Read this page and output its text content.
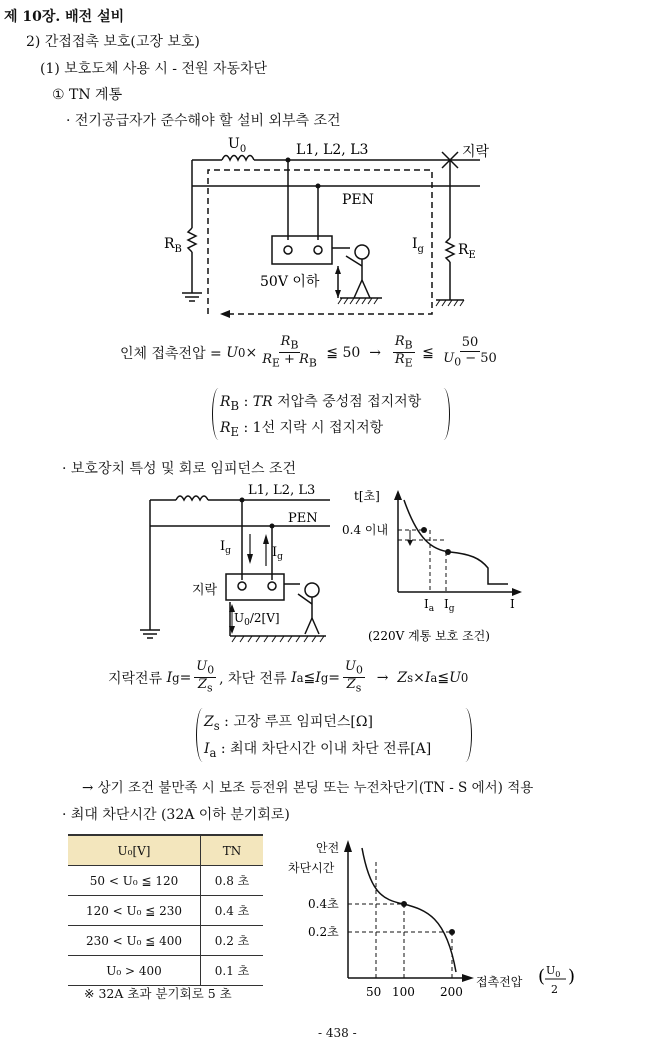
제 10장. 배전 설비
2) 간접접촉 보호(고장 보호)
(1) 보호도체 사용 시 - 전원 자동차단
① TN 계통
· 전기공급자가 준수해야 할 설비 외부측 조건
$U_0$	L1, L2, L3	지락
PEN
$R_B$	$I_g$ $R_E$
50V 이하
인체 접촉전압 =
U $0 \times \frac{R_B}{R_E + R_B}$
≦
50
→
$\frac{R_B}{R_E}$
≦
$\frac{50}{U_0 - 50}$
$R_B$ : TR 저압측 중성점 접지저항
$R_E$ : 1선 지락 시 접지저항
· 보호장치 특성 및 회로 임피던스 조건
L1, L2, L3
PEN
$I_g$	$I_g$
지락
$U_0/2[V]$
t[초]
0.4 이내
$I_a$ $I_g$	I
(220V 계통 보호 조건)
지락전류
I $g = \frac{U_0}{Z_s}$ , 차단 전류
I a ≦ I $g = \frac{U_0}{Z_s}$
→
Z s × I a ≦ U 0
$Z_s$ : 고장 루프 임피던스[Ω]
$I_a$ : 최대 차단시간 이내 차단 전류[A]
→ 상기 조건 불만족 시 보조 등전위 본딩 또는 누전차단기(TN - S 에서) 적용
· 최대 차단시간 (32A 이하 분기회로)
U₀[V]	TN
50 < U₀ ≦ 120	0.8 초
120 < U₀ ≦ 230	0.4 초
230 < U₀ ≦ 400	0.2 초
U₀ > 400	0.1 초
※ 32A 초과 분기회로 5 초
안전
차단시간
0.4초
0.2초
50 100 200
접촉전압 ( $U_0$
2
)
- 438 -
